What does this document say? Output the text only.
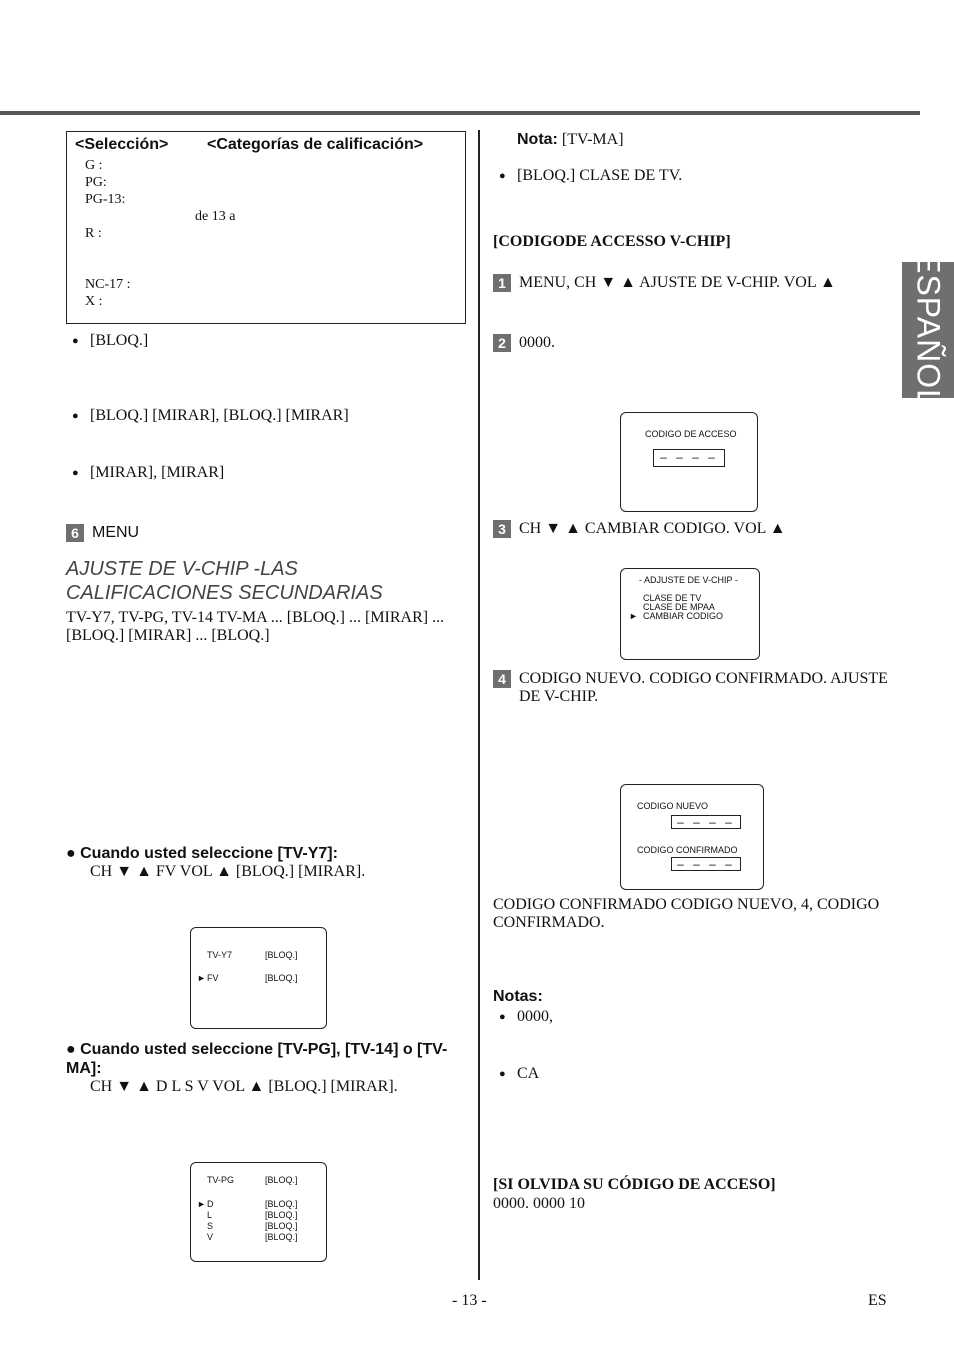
ESPAÑOL
<Selección>	<Categorías de calificación>
G :
PG:
PG-13:
de 13 a
R :
NC-17 :
X :
● [BLOQ.]
● [BLOQ.] [MIRAR], [BLOQ.] [MIRAR]
● [MIRAR], [MIRAR]
6 MENU
AJUSTE DE V-CHIP -LAS CALIFICACIONES SECUNDARIAS
TV-Y7, TV-PG, TV-14 TV-MA ... [BLOQ.] ... [MIRAR] ... [BLOQ.] [MIRAR] ... [BLOQ.]
● Cuando usted seleccione [TV-Y7]:
CH ▼ ▲ FV VOL ▲ [BLOQ.] [MIRAR].
TV-Y7	[BLOQ.]
► FV	[BLOQ.]
● Cuando usted seleccione [TV-PG], [TV-14] o [TV-MA]:
CH ▼ ▲ D L S V VOL ▲ [BLOQ.] [MIRAR].
TV-PG	[BLOQ.]
► D	[BLOQ.]
L	[BLOQ.]
S	[BLOQ.]
V	[BLOQ.]
Nota: [TV-MA]
● [BLOQ.] CLASE DE TV.
[CODIGODE ACCESSO V-CHIP]
1 MENU, CH ▼ ▲ AJUSTE DE V-CHIP. VOL ▲
2 0000.
CODIGO DE ACCESO
– – – –
3 CH ▼ ▲ CAMBIAR CODIGO. VOL ▲
- ADJUSTE DE V-CHIP -
CLASE DE TV
CLASE DE MPAA
► CAMBIAR CODIGO
4 CODIGO NUEVO. CODIGO CONFIRMADO. AJUSTE DE V-CHIP.
CODIGO NUEVO
– – – –
CODIGO CONFIRMADO
– – – –
CODIGO CONFIRMADO CODIGO NUEVO, 4, CODIGO CONFIRMADO.
Notas:
● 0000,
● CA
[SI OLVIDA SU CÓDIGO DE ACCESO]
0000. 0000 10
- 13 -	ES
